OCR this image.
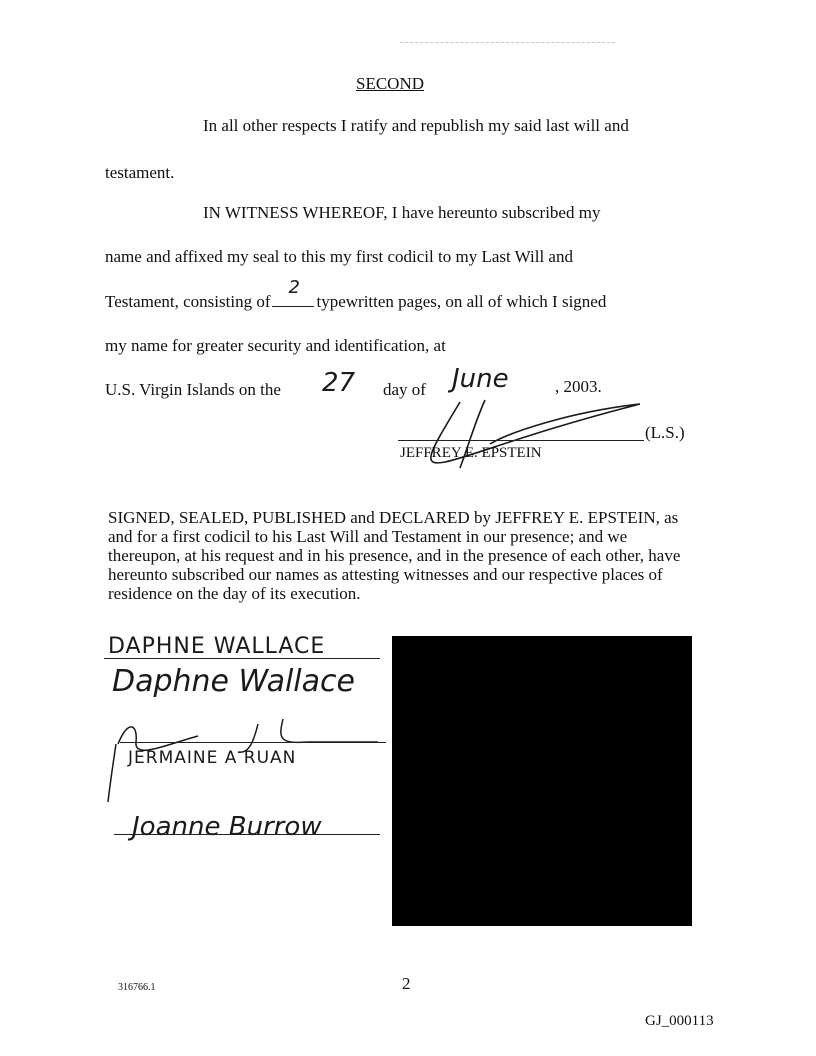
SECOND
In all other respects I ratify and republish my said last will and
testament.
IN WITNESS WHEREOF, I have hereunto subscribed my
name and affixed my seal to this my first codicil to my Last Will and
Testament, consisting of
2
typewritten pages, on all of which I signed
my name for greater security and identification, at
U.S. Virgin Islands on the 27 day of June	, 2003.
(L.S.)
JEFFREY E. EPSTEIN
SIGNED, SEALED, PUBLISHED and DECLARED by JEFFREY E. EPSTEIN, as and for a first codicil to his Last Will and Testament in our presence; and we thereupon, at his request and in his presence, and in the presence of each other, have hereunto subscribed our names as attesting witnesses and our respective places of residence on the day of its execution.
DAPHNE WALLACE
Daphne Wallace
JERMAINE A RUAN
Joanne Burrow
316766.1	2
GJ_000113
